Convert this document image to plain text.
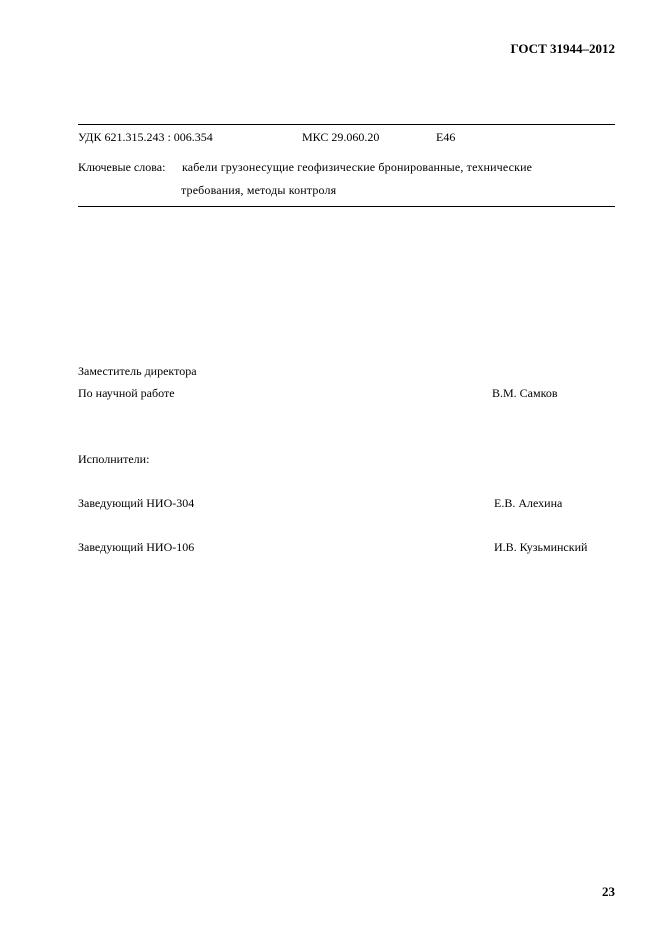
ГОСТ 31944–2012
УДК 621.315.243 : 006.354	МКС 29.060.20	Е46
Ключевые слова: кабели грузонесущие геофизические бронированные, технические
требования, методы контроля
Заместитель директора
По научной работе	В.М. Самков
Исполнители:
Заведующий НИО-304	Е.В. Алехина
Заведующий НИО-106	И.В. Кузьминский
23
